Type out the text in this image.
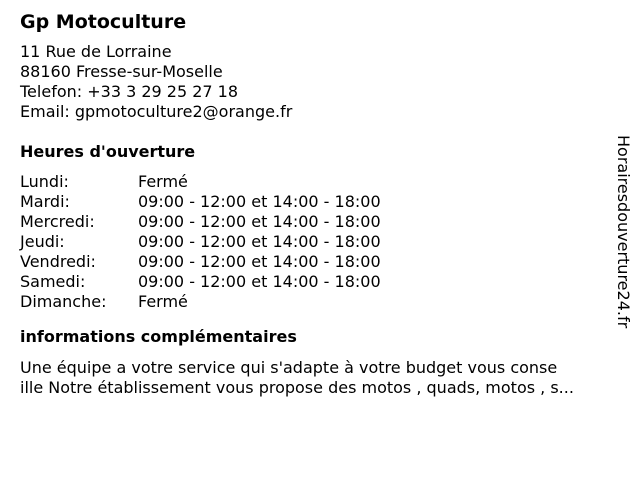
Gp Motoculture
11 Rue de Lorraine
88160 Fresse-sur-Moselle
Telefon: +33 3 29 25 27 18
Email: gpmotoculture2@orange.fr
Heures d'ouverture
Lundi:	Fermé
Mardi:	09:00 - 12:00 et 14:00 - 18:00
Mercredi:	09:00 - 12:00 et 14:00 - 18:00
Jeudi:	09:00 - 12:00 et 14:00 - 18:00
Vendredi:	09:00 - 12:00 et 14:00 - 18:00
Samedi:	09:00 - 12:00 et 14:00 - 18:00
Dimanche:	Fermé
informations complémentaires
Une équipe a votre service qui s'adapte à votre budget vous conse
ille Notre établissement vous propose des motos , quads, motos , s...
Horairesdouverture24.fr
